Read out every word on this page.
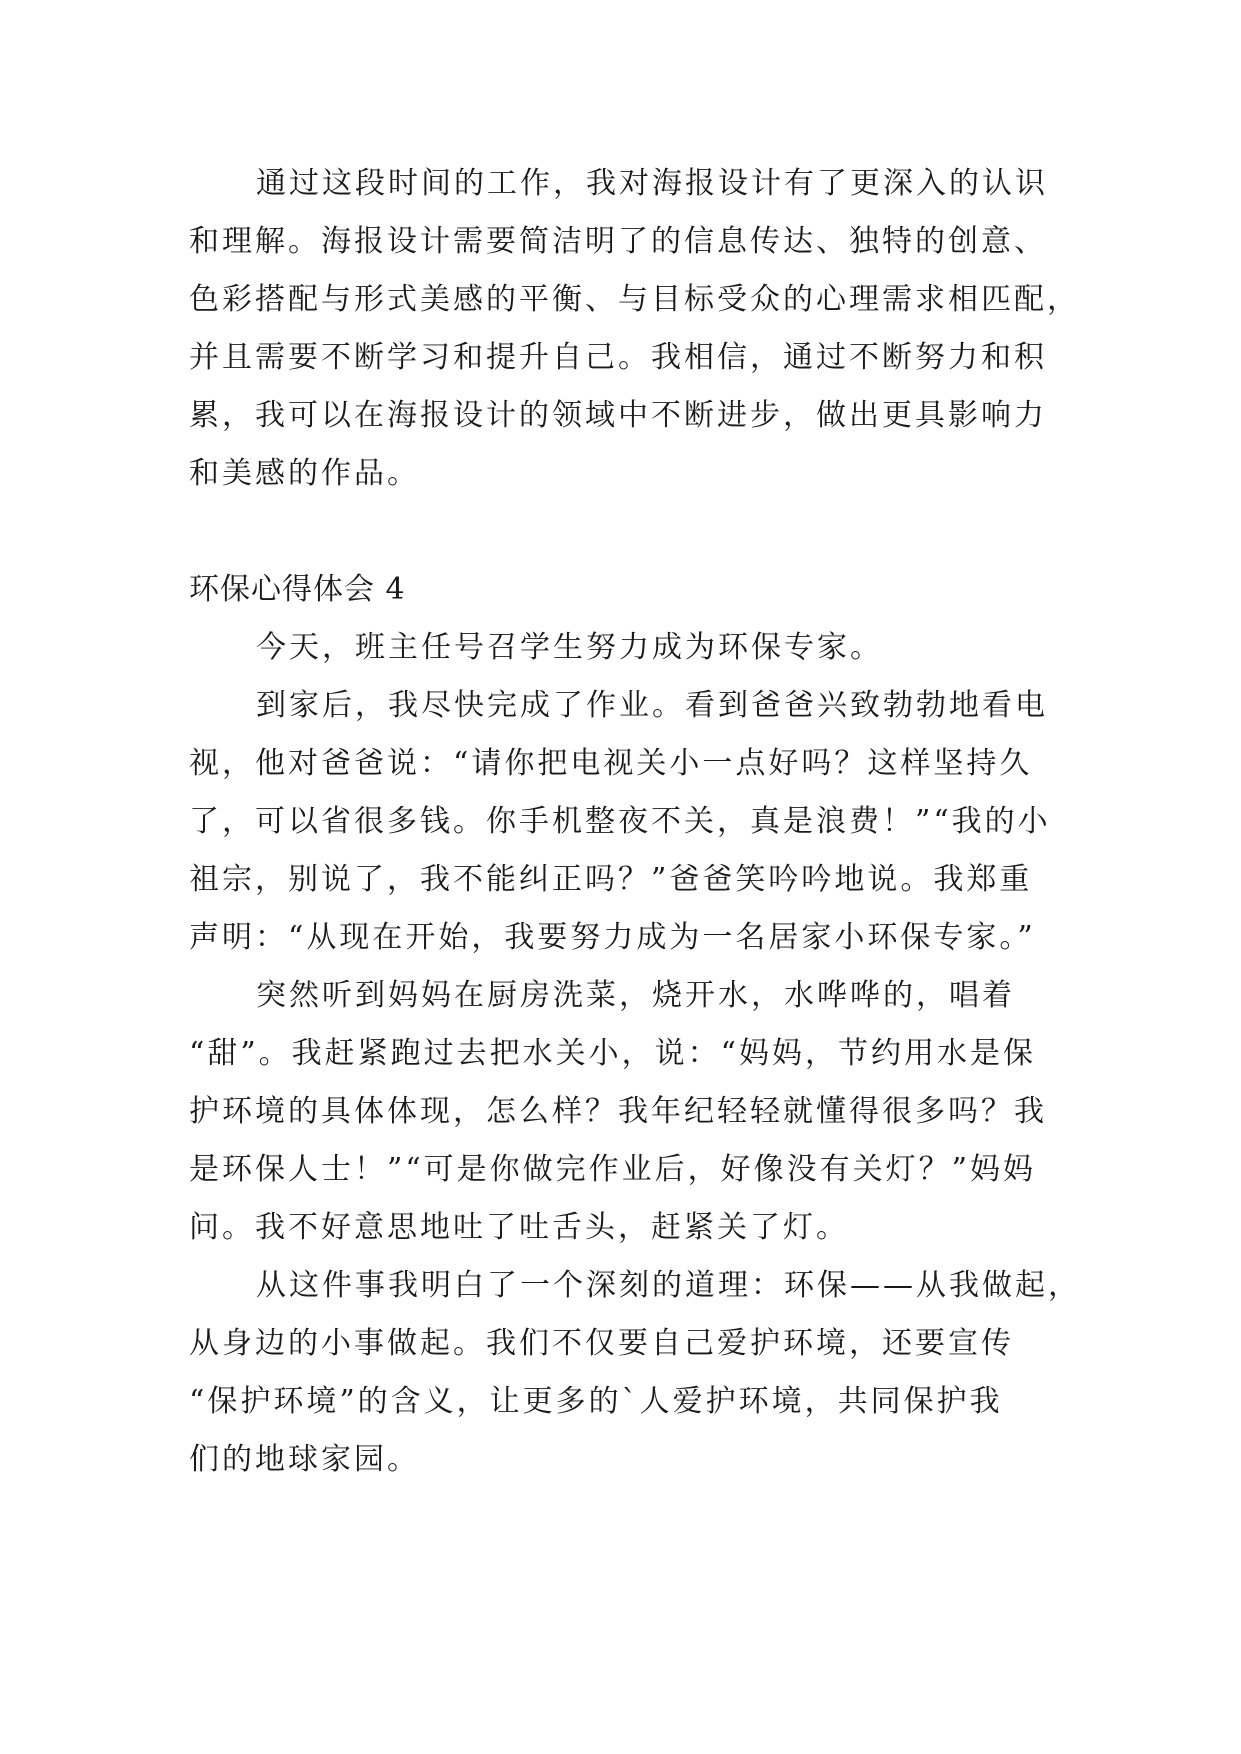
通过这段时间的工作，我对海报设计有了更深入的认识
和理解。海报设计需要简洁明了的信息传达、独特的创意、
色彩搭配与形式美感的平衡、与目标受众的心理需求相匹配，
并且需要不断学习和提升自己。我相信，通过不断努力和积
累，我可以在海报设计的领域中不断进步，做出更具影响力
和美感的作品。
环保心得体会 4
今天，班主任号召学生努力成为环保专家。
到家后，我尽快完成了作业。看到爸爸兴致勃勃地看电
视，他对爸爸说：“请你把电视关小一点好吗？这样坚持久
了，可以省很多钱。你手机整夜不关，真是浪费！”“我的小
祖宗，别说了，我不能纠正吗？”爸爸笑吟吟地说。我郑重
声明：“从现在开始，我要努力成为一名居家小环保专家。”
突然听到妈妈在厨房洗菜，烧开水，水哗哗的，唱着
“甜”。我赶紧跑过去把水关小，说：“妈妈，节约用水是保
护环境的具体体现，怎么样？我年纪轻轻就懂得很多吗？我
是环保人士！”“可是你做完作业后，好像没有关灯？”妈妈
问。我不好意思地吐了吐舌头，赶紧关了灯。
从这件事我明白了一个深刻的道理：环保——从我做起，
从身边的小事做起。我们不仅要自己爱护环境，还要宣传
“保护环境”的含义，让更多的`人爱护环境，共同保护我
们的地球家园。
